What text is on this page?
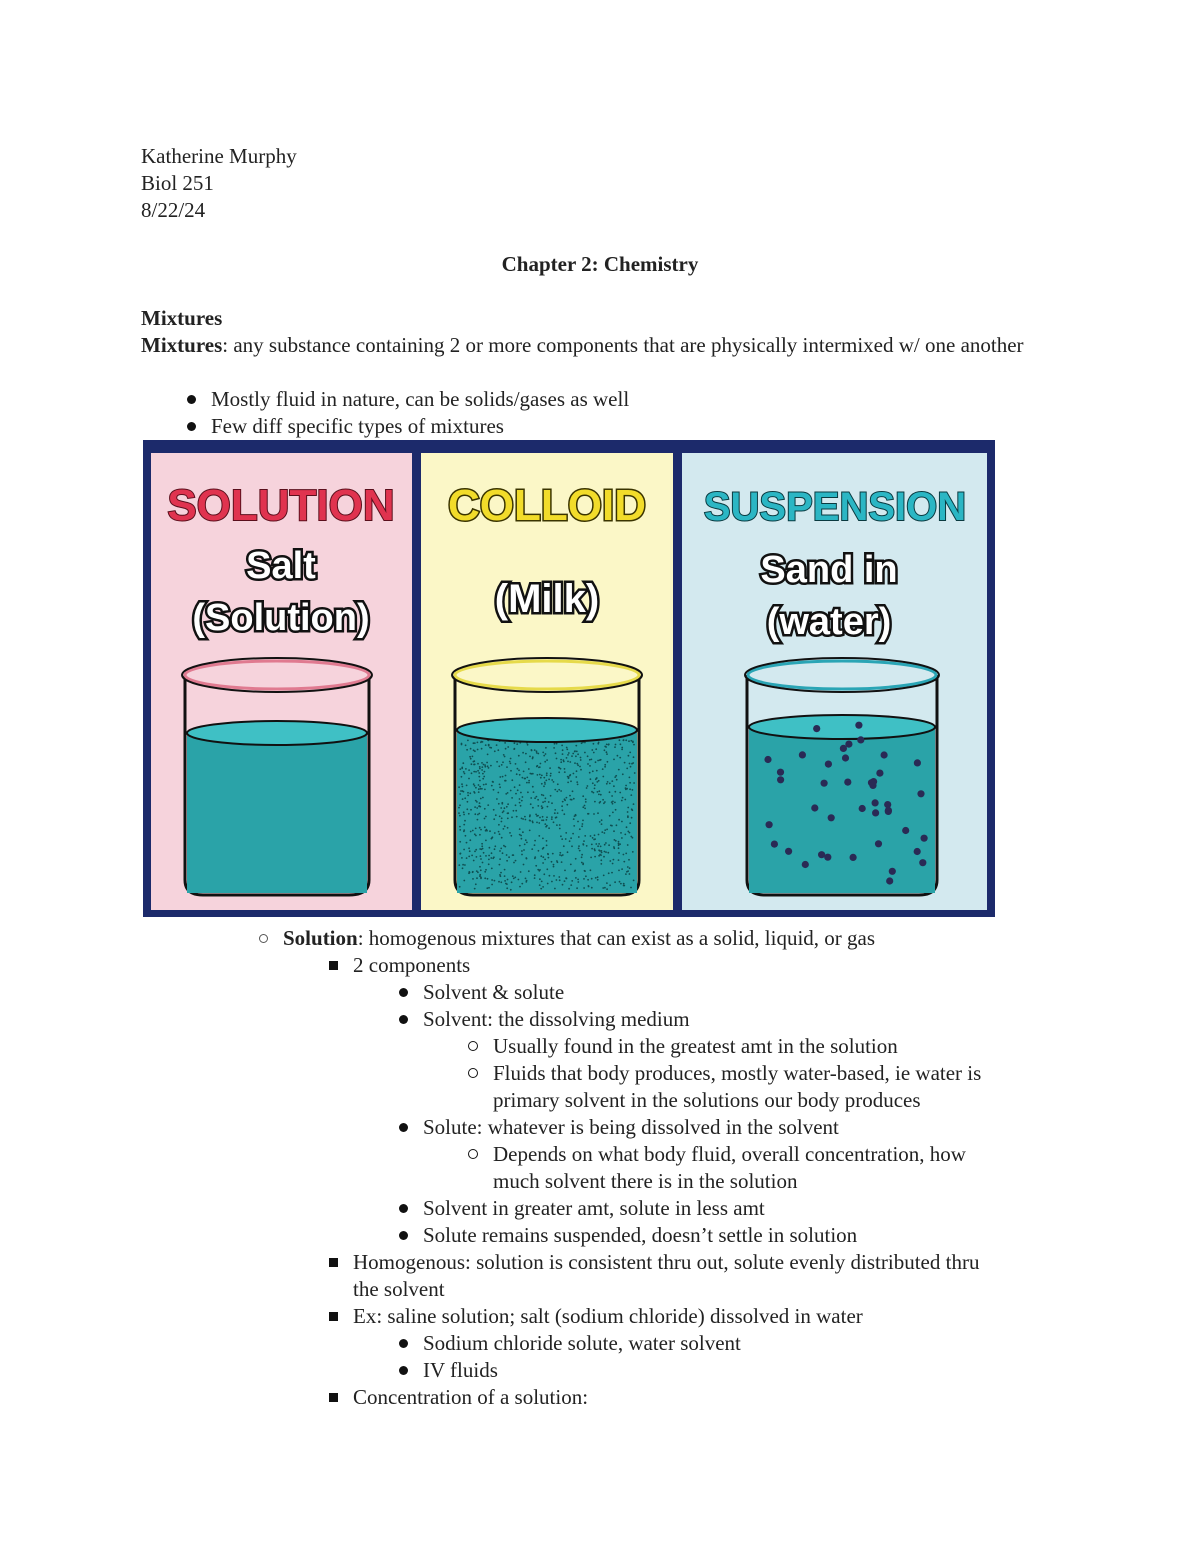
Katherine Murphy
Biol 251
8/22/24
Chapter 2: Chemistry
Mixtures
Mixtures: any substance containing 2 or more components that are physically intermixed w/ one another
Mostly fluid in nature, can be solids/gases as well
Few diff specific types of mixtures
SOLUTION
Salt
(Solution)
COLLOID
(Milk)
SUSPENSION
Sand in
(water)
Solution: homogenous mixtures that can exist as a solid, liquid, or gas
2 components
Solvent & solute
Solvent: the dissolving medium
Usually found in the greatest amt in the solution
Fluids that body produces, mostly water-based, ie water is
primary solvent in the solutions our body produces
Solute: whatever is being dissolved in the solvent
Depends on what body fluid, overall concentration, how
much solvent there is in the solution
Solvent in greater amt, solute in less amt
Solute remains suspended, doesn’t settle in solution
Homogenous: solution is consistent thru out, solute evenly distributed thru
the solvent
Ex: saline solution; salt (sodium chloride) dissolved in water
Sodium chloride solute, water solvent
IV fluids
Concentration of a solution:
